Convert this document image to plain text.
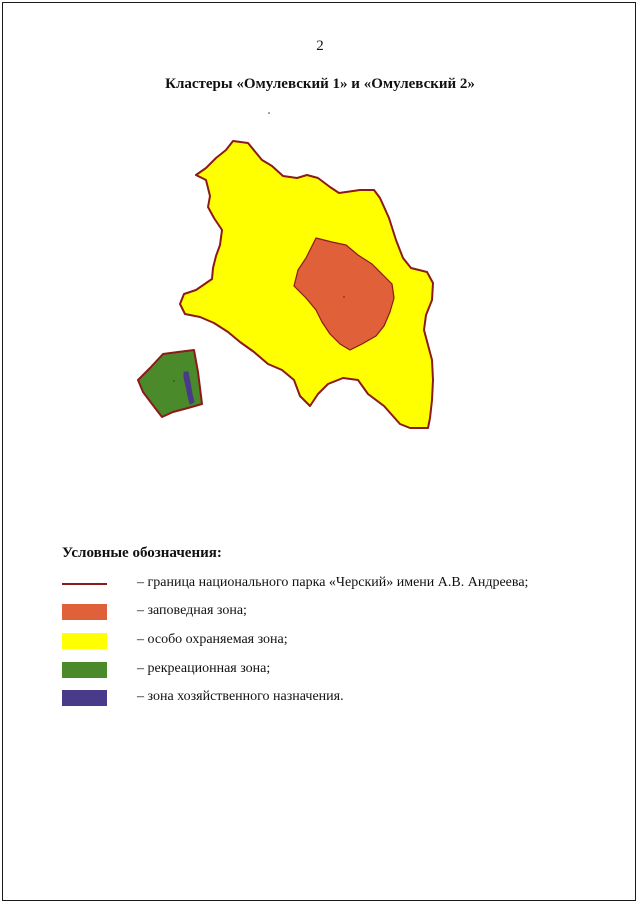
2
Кластеры «Омулевский 1» и «Омулевский 2»
Условные обозначения:
– граница национального парка «Черский» имени А.В. Андреева;
– заповедная зона;
– особо охраняемая зона;
– рекреационная зона;
– зона хозяйственного назначения.
